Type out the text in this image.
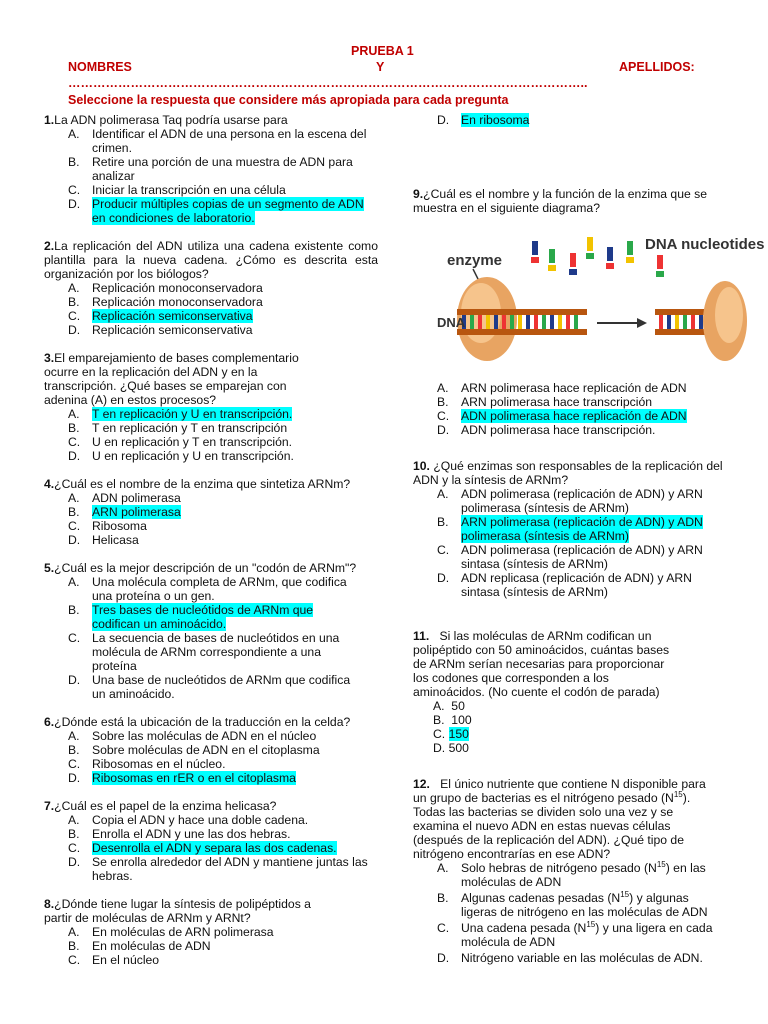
PRUEBA 1
NOMBRES	Y	APELLIDOS:
……………………………………………………………………………………………………………..
Seleccione la respuesta que considere más apropiada para cada pregunta

1.La ADN polimerasa Taq podría usarse para

A. Identificar el ADN de una persona en la escena del crimen.
B. Retire una porción de una muestra de ADN para analizar
C. Iniciar la transcripción en una célula
D. Producir múltiples copias de un segmento de ADN en condiciones de laboratorio.

2.La replicación del ADN utiliza una cadena existente como plantilla para la nueva cadena. ¿Cómo es descrita esta organización por los biólogos?

A. Replicación monoconservadora
B. Replicación monoconservadora
C. Replicación semiconservativa
D. Replicación semiconservativa

3.El emparejamiento de bases complementario ocurre en la replicación del ADN y en la transcripción. ¿Qué bases se emparejan con adenina (A) en estos procesos?

A. T en replicación y U en transcripción.
B. T en replicación y T en transcripción
C. U en replicación y T en transcripción.
D. U en replicación y U en transcripción.

4.¿Cuál es el nombre de la enzima que sintetiza ARNm?

A. ADN polimerasa
B. ARN polimerasa
C. Ribosoma
D. Helicasa

5.¿Cuál es la mejor descripción de un "codón de ARNm"?

A. Una molécula completa de ARNm, que codifica una proteína o un gen.
B. Tres bases de nucleótidos de ARNm que codifican un aminoácido.
C. La secuencia de bases de nucleótidos en una molécula de ARNm correspondiente a una proteína
D. Una base de nucleótidos de ARNm que codifica un aminoácido.

6.¿Dónde está la ubicación de la traducción en la celda?

A. Sobre las moléculas de ADN en el núcleo
B. Sobre moléculas de ADN en el citoplasma
C. Ribosomas en el núcleo.
D. Ribosomas en rER o en el citoplasma

7.¿Cuál es el papel de la enzima helicasa?

A. Copia el ADN y hace una doble cadena.
B. Enrolla el ADN y une las dos hebras.
C. Desenrolla el ADN y separa las dos cadenas.
D. Se enrolla alrededor del ADN y mantiene juntas las hebras.

8.¿Dónde tiene lugar la síntesis de polipéptidos a partir de moléculas de ARNm y ARNt?

A. En moléculas de ARN polimerasa
B. En moléculas de ADN
C. En el núcleo
D. En ribosoma

9.¿Cuál es el nombre y la función de la enzima que se muestra en el siguiente diagrama?

DNA nucleotides
enzyme
DNA
A. ARN polimerasa hace replicación de ADN
B. ARN polimerasa hace transcripción
C. ADN polimerasa hace replicación de ADN
D. ADN polimerasa hace transcripción.

10. ¿Qué enzimas son responsables de la replicación del ADN y la síntesis de ARNm?

A. ADN polimerasa (replicación de ADN) y ARN polimerasa (síntesis de ARNm)
B. ARN polimerasa (replicación de ADN) y ADN polimerasa (síntesis de ARNm)
C. ADN polimerasa (replicación de ADN) y ARN sintasa (síntesis de ARNm)
D. ADN replicasa (replicación de ADN) y ARN sintasa (síntesis de ARNm)

11. Si las moléculas de ARNm codifican un polipéptido con 50 aminoácidos, cuántas bases de ARNm serían necesarias para proporcionar los codones que corresponden a los aminoácidos. (No cuente el codón de parada)

A. 50
B. 100
C. 150
D. 500

12. El único nutriente que contiene N disponible para un grupo de bacterias es el nitrógeno pesado $(N^{15})$. Todas las bacterias se dividen solo una vez y se examina el nuevo ADN en estas nuevas células (después de la replicación del ADN). ¿Qué tipo de nitrógeno encontrarías en ese ADN?

A. Solo hebras de nitrógeno pesado $(N^{15})$ en las moléculas de ADN
B. Algunas cadenas pesadas $(N^{15})$ y algunas ligeras de nitrógeno en las moléculas de ADN
C. Una cadena pesada $(N^{15})$ y una ligera en cada molécula de ADN
D. Nitrógeno variable en las moléculas de ADN.
